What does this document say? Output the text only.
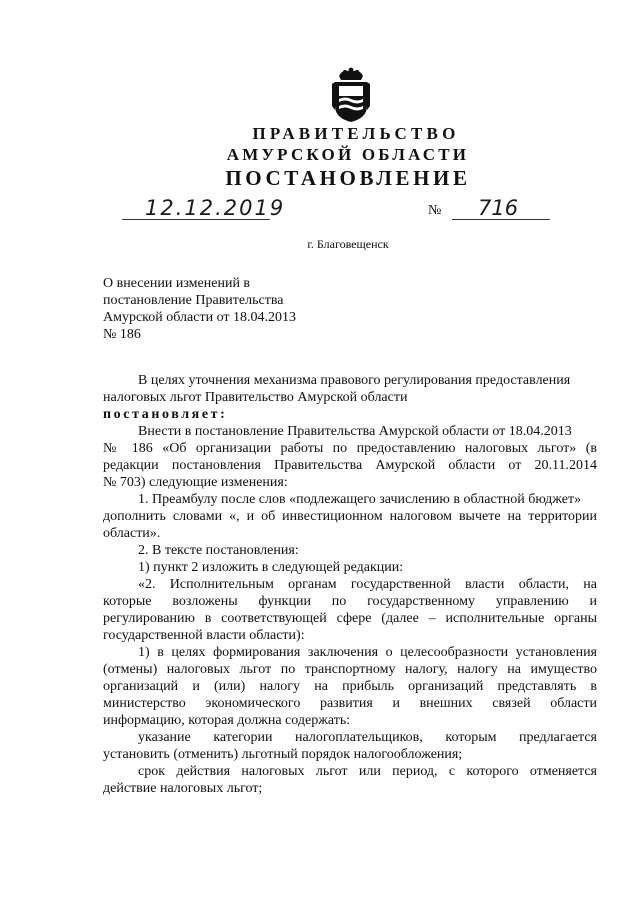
ПРАВИТЕЛЬСТВО
АМУРСКОЙ ОБЛАСТИ
ПОСТАНОВЛЕНИЕ
12.12.2019	№ 716
г. Благовещенск
О внесении изменений в
постановление Правительства
Амурской области от 18.04.2013
№ 186
В целях уточнения механизма правового регулирования предоставления
налоговых льгот Правительство Амурской области
постановляет:
Внести в постановление Правительства Амурской области от 18.04.2013
№ 186 «Об организации работы по предоставлению налоговых льгот» (в
редакции постановления Правительства Амурской области от 20.11.2014
№ 703) следующие изменения:
1. Преамбулу после слов «подлежащего зачислению в областной бюджет»
дополнить словами «, и об инвестиционном налоговом вычете на территории
области».
2. В тексте постановления:
1) пункт 2 изложить в следующей редакции:
«2. Исполнительным органам государственной власти области, на
которые возложены функции по государственному управлению и
регулированию в соответствующей сфере (далее – исполнительные органы
государственной власти области):
1) в целях формирования заключения о целесообразности установления
(отмены) налоговых льгот по транспортному налогу, налогу на имущество
организаций и (или) налогу на прибыль организаций представлять в
министерство экономического развития и внешних связей области
информацию, которая должна содержать:
указание категории налогоплательщиков, которым предлагается
установить (отменить) льготный порядок налогообложения;
срок действия налоговых льгот или период, с которого отменяется
действие налоговых льгот;
